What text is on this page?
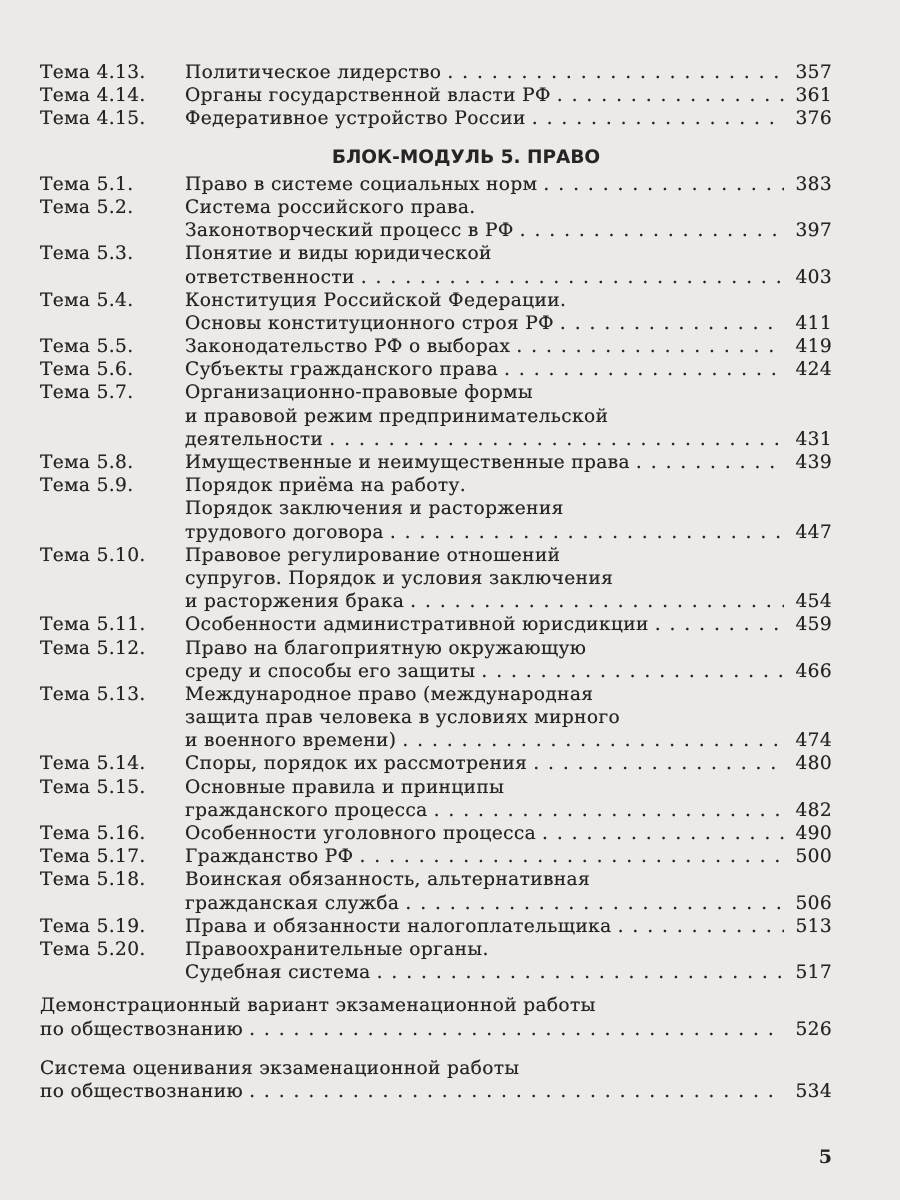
Тема 4.13.	Политическое лидерство . . .	357
Тема 4.14.	Органы государственной власти РФ . . .	361
Тема 4.15.	Федеративное устройство России . . .	376
БЛОК-МОДУЛЬ 5. ПРАВО
Тема 5.1.	Право в системе социальных норм . . .	383
Тема 5.2.	Система российского права.
Законотворческий процесс в РФ . . .	397
Тема 5.3.	Понятие и виды юридической
ответственности . . .	403
Тема 5.4.	Конституция Российской Федерации.
Основы конституционного строя РФ . . .	411
Тема 5.5.	Законодательство РФ о выборах . . .	419
Тема 5.6.	Субъекты гражданского права . . .	424
Тема 5.7.	Организационно-правовые формы
и правовой режим предпринимательской
деятельности . . .	431
Тема 5.8.	Имущественные и неимущественные права . . .	439
Тема 5.9.	Порядок приёма на работу.
Порядок заключения и расторжения
трудового договора . . .	447
Тема 5.10.	Правовое регулирование отношений
супругов. Порядок и условия заключения
и расторжения брака . . .	454
Тема 5.11.	Особенности административной юрисдикции . . .	459
Тема 5.12.	Право на благоприятную окружающую
среду и способы его защиты . . .	466
Тема 5.13.	Международное право (международная
защита прав человека в условиях мирного
и военного времени) . . .	474
Тема 5.14.	Споры, порядок их рассмотрения . . .	480
Тема 5.15.	Основные правила и принципы
гражданского процесса . . .	482
Тема 5.16.	Особенности уголовного процесса . . .	490
Тема 5.17.	Гражданство РФ . . .	500
Тема 5.18.	Воинская обязанность, альтернативная
гражданская служба . . .	506
Тема 5.19.	Права и обязанности налогоплательщика . . .	513
Тема 5.20.	Правоохранительные органы.
Судебная система . . .	517
Демонстрационный вариант экзаменационной работы
по обществознанию . . .	526
Система оценивания экзаменационной работы
по обществознанию . . .	534
5
